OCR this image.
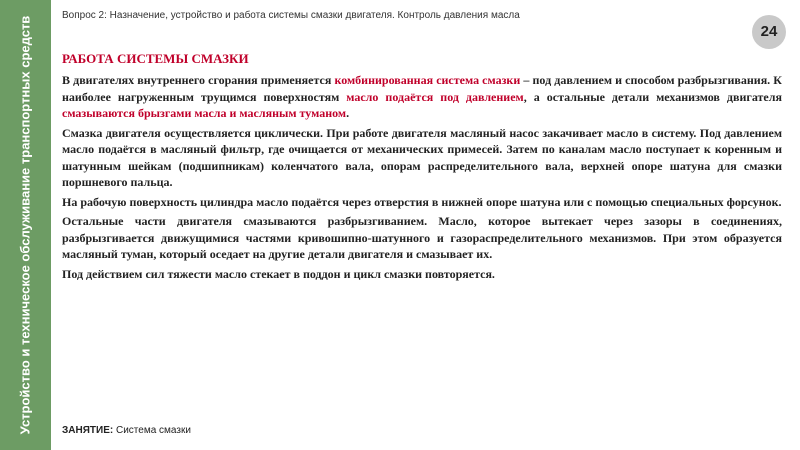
Устройство и техническое обслуживание транспортных средств
Вопрос 2: Назначение, устройство и работа системы смазки двигателя. Контроль давления масла
24
РАБОТА СИСТЕМЫ СМАЗКИ

В двигателях внутреннего сгорания применяется комбинированная система смазки – под давлением и способом разбрызгивания. К наиболее нагруженным трущимся поверхностям масло подаётся под давлением, а остальные детали механизмов двигателя смазываются брызгами масла и масляным туманом.

Смазка двигателя осуществляется циклически. При работе двигателя масляный насос закачивает масло в систему. Под давлением масло подаётся в масляный фильтр, где очищается от механических примесей. Затем по каналам масло поступает к коренным и шатунным шейкам (подшипникам) коленчатого вала, опорам распределительного вала, верхней опоре шатуна для смазки поршневого пальца.

На рабочую поверхность цилиндра масло подаётся через отверстия в нижней опоре шатуна или с помощью специальных форсунок.

Остальные части двигателя смазываются разбрызгиванием. Масло, которое вытекает через зазоры в соединениях, разбрызгивается движущимися частями кривошипно-шатунного и газораспределительного механизмов. При этом образуется масляный туман, который оседает на другие детали двигателя и смазывает их.

Под действием сил тяжести масло стекает в поддон и цикл смазки повторяется.

ЗАНЯТИЕ: Система смазки
